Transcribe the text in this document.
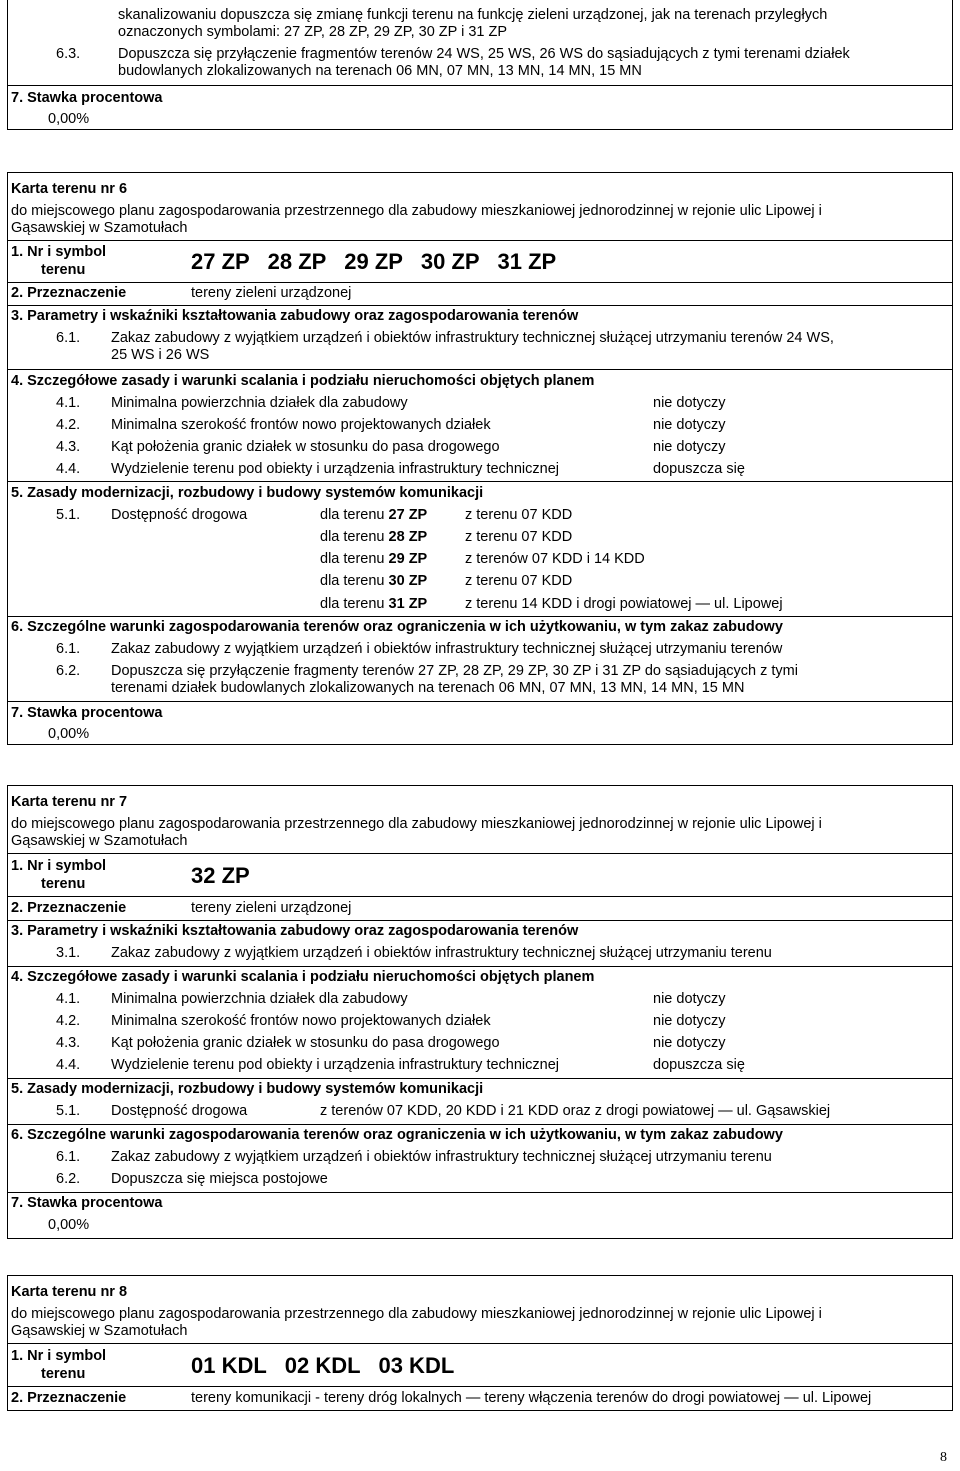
skanalizowaniu dopuszcza się zmianę funkcji terenu na funkcję zieleni urządzonej, jak na terenach przyległych
oznaczonych symbolami: 27 ZP, 28 ZP, 29 ZP, 30 ZP i 31 ZP
6.3.	Dopuszcza się przyłączenie fragmentów terenów 24 WS, 25 WS, 26 WS do sąsiadujących z tymi terenami działek
budowlanych zlokalizowanych na terenach 06 MN, 07 MN, 13 MN, 14 MN, 15 MN
7. Stawka procentowa
0,00%
Karta terenu nr 6
do miejscowego planu zagospodarowania przestrzennego dla zabudowy mieszkaniowej jednorodzinnej w rejonie ulic Lipowej i
Gąsawskiej w Szamotułach
1. Nr i symbol
terenu	27 ZP   28 ZP   29 ZP   30 ZP   31 ZP
2. Przeznaczenie	tereny zieleni urządzonej
3. Parametry i wskaźniki kształtowania zabudowy oraz zagospodarowania terenów
6.1. Zakaz zabudowy z wyjątkiem urządzeń i obiektów infrastruktury technicznej służącej utrzymaniu terenów 24 WS,
25 WS i 26 WS
4. Szczegółowe zasady i warunki scalania i podziału nieruchomości objętych planem
4.1. Minimalna powierzchnia działek dla zabudowy	nie dotyczy
4.2. Minimalna szerokość frontów nowo projektowanych działek	nie dotyczy
4.3. Kąt położenia granic działek w stosunku do pasa drogowego	nie dotyczy
4.4. Wydzielenie terenu pod obiekty i urządzenia infrastruktury technicznej	dopuszcza się
5. Zasady modernizacji, rozbudowy i budowy systemów komunikacji
5.1. Dostępność drogowa	dla terenu 27 ZP	z terenu 07 KDD
dla terenu 28 ZP	z terenu 07 KDD
dla terenu 29 ZP	z terenów 07 KDD i 14 KDD
dla terenu 30 ZP	z terenu 07 KDD
dla terenu 31 ZP	z terenu 14 KDD i drogi powiatowej — ul. Lipowej
6. Szczególne warunki zagospodarowania terenów oraz ograniczenia w ich użytkowaniu, w tym zakaz zabudowy
6.1. Zakaz zabudowy z wyjątkiem urządzeń i obiektów infrastruktury technicznej służącej utrzymaniu terenów
6.2. Dopuszcza się przyłączenie fragmenty terenów 27 ZP, 28 ZP, 29 ZP, 30 ZP i 31 ZP do sąsiadujących z tymi
terenami działek budowlanych zlokalizowanych na terenach 06 MN, 07 MN, 13 MN, 14 MN, 15 MN
7. Stawka procentowa
0,00%
Karta terenu nr 7
do miejscowego planu zagospodarowania przestrzennego dla zabudowy mieszkaniowej jednorodzinnej w rejonie ulic Lipowej i
Gąsawskiej w Szamotułach
1. Nr i symbol
terenu	32 ZP
2. Przeznaczenie	tereny zieleni urządzonej
3. Parametry i wskaźniki kształtowania zabudowy oraz zagospodarowania terenów
3.1. Zakaz zabudowy z wyjątkiem urządzeń i obiektów infrastruktury technicznej służącej utrzymaniu terenu
4. Szczegółowe zasady i warunki scalania i podziału nieruchomości objętych planem
4.1. Minimalna powierzchnia działek dla zabudowy	nie dotyczy
4.2. Minimalna szerokość frontów nowo projektowanych działek	nie dotyczy
4.3. Kąt położenia granic działek w stosunku do pasa drogowego	nie dotyczy
4.4. Wydzielenie terenu pod obiekty i urządzenia infrastruktury technicznej	dopuszcza się
5. Zasady modernizacji, rozbudowy i budowy systemów komunikacji
5.1. Dostępność drogowa	z terenów 07 KDD, 20 KDD i 21 KDD oraz z drogi powiatowej — ul. Gąsawskiej
6. Szczególne warunki zagospodarowania terenów oraz ograniczenia w ich użytkowaniu, w tym zakaz zabudowy
6.1. Zakaz zabudowy z wyjątkiem urządzeń i obiektów infrastruktury technicznej służącej utrzymaniu terenu
6.2. Dopuszcza się miejsca postojowe
7. Stawka procentowa
0,00%
Karta terenu nr 8
do miejscowego planu zagospodarowania przestrzennego dla zabudowy mieszkaniowej jednorodzinnej w rejonie ulic Lipowej i
Gąsawskiej w Szamotułach
1. Nr i symbol
terenu	01 KDL   02 KDL   03 KDL
2. Przeznaczenie	tereny komunikacji - tereny dróg lokalnych — tereny włączenia terenów do drogi powiatowej — ul. Lipowej
8
